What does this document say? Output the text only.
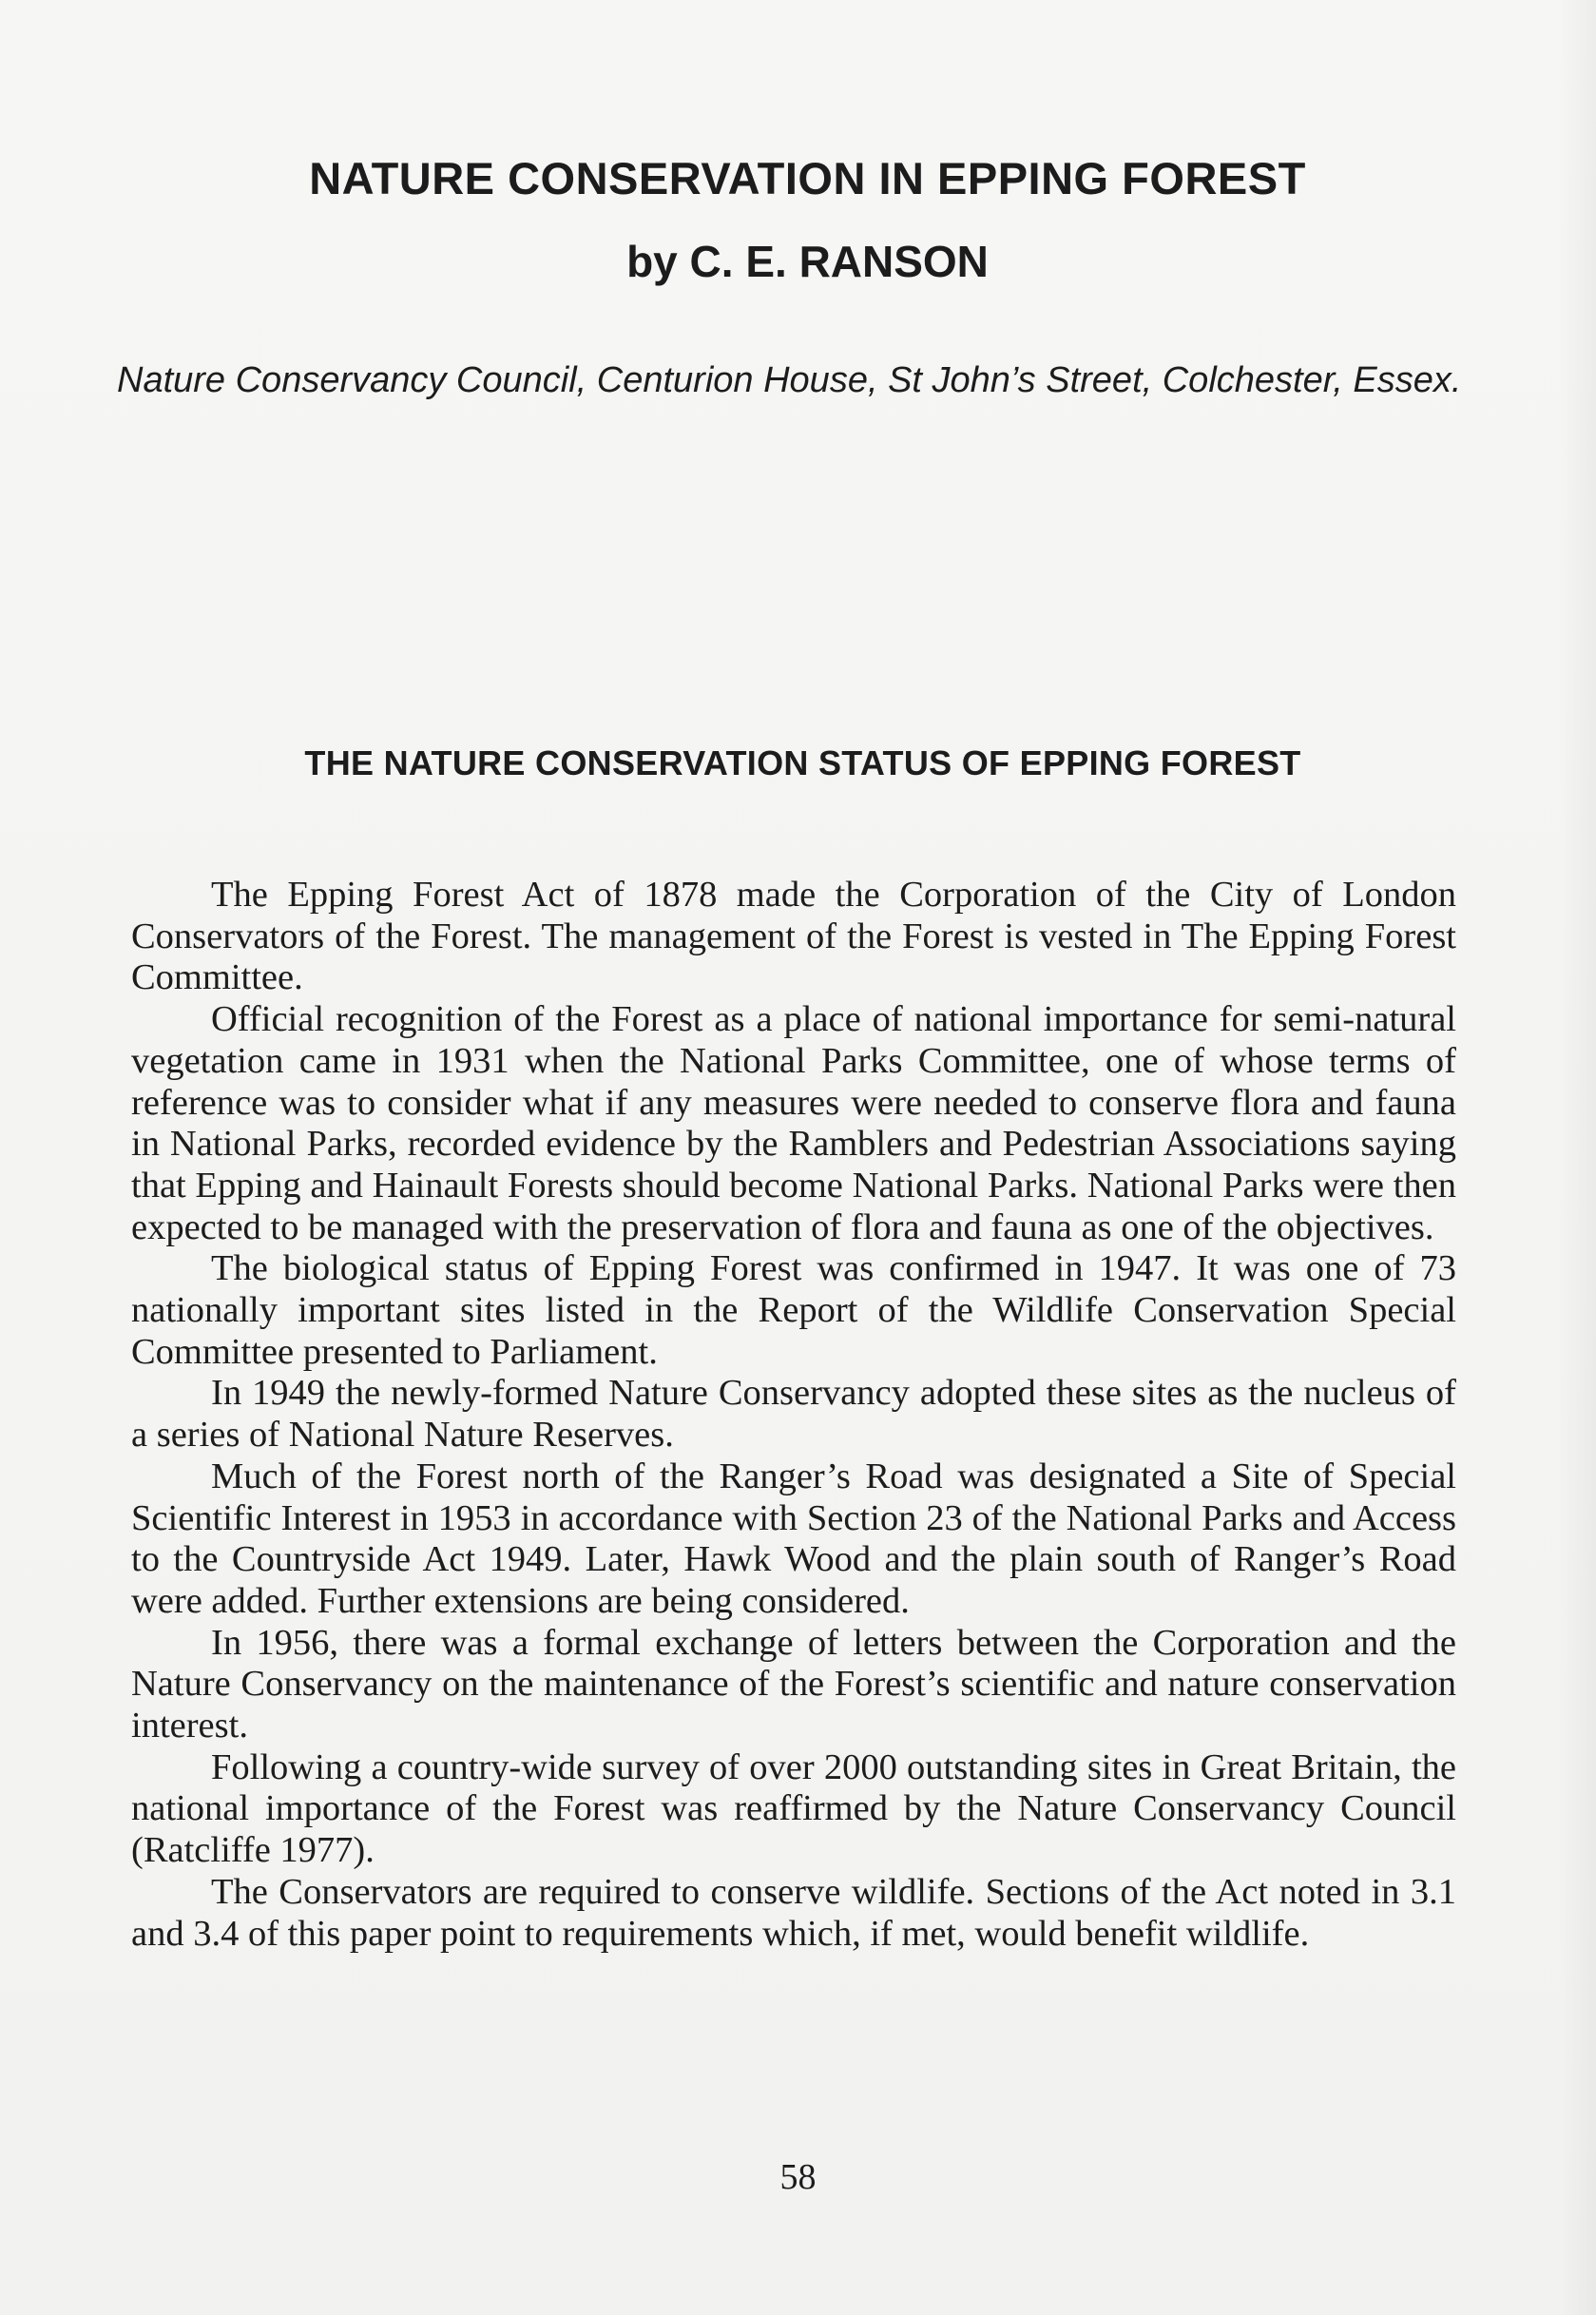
NATURE CONSERVATION IN EPPING FOREST
by C. E. RANSON

Nature Conservancy Council, Centurion House, St John’s Street, Colchester, Essex.

THE NATURE CONSERVATION STATUS OF EPPING FOREST

The Epping Forest Act of 1878 made the Corporation of the City of London Conservators of the Forest. The management of the Forest is vested in The Epping Forest Committee.

Official recognition of the Forest as a place of national importance for semi-natural vegetation came in 1931 when the National Parks Committee, one of whose terms of reference was to consider what if any measures were needed to conserve flora and fauna in National Parks, recorded evidence by the Ramblers and Pedestrian Associations saying that Epping and Hainault Forests should become National Parks. National Parks were then expected to be managed with the preservation of flora and fauna as one of the objectives.

The biological status of Epping Forest was confirmed in 1947. It was one of 73 nationally important sites listed in the Report of the Wildlife Conservation Special Committee presented to Parliament.

In 1949 the newly-formed Nature Conservancy adopted these sites as the nucleus of a series of National Nature Reserves.

Much of the Forest north of the Ranger’s Road was designated a Site of Special Scientific Interest in 1953 in accordance with Section 23 of the National Parks and Access to the Countryside Act 1949. Later, Hawk Wood and the plain south of Ranger’s Road were added. Further extensions are being considered.

In 1956, there was a formal exchange of letters between the Corporation and the Nature Conservancy on the maintenance of the Forest’s scientific and nature conservation interest.

Following a country-wide survey of over 2000 outstanding sites in Great Britain, the national importance of the Forest was reaffirmed by the Nature Conservancy Council (Ratcliffe 1977).

The Conservators are required to conserve wildlife. Sections of the Act noted in 3.1 and 3.4 of this paper point to requirements which, if met, would benefit wildlife.

58
